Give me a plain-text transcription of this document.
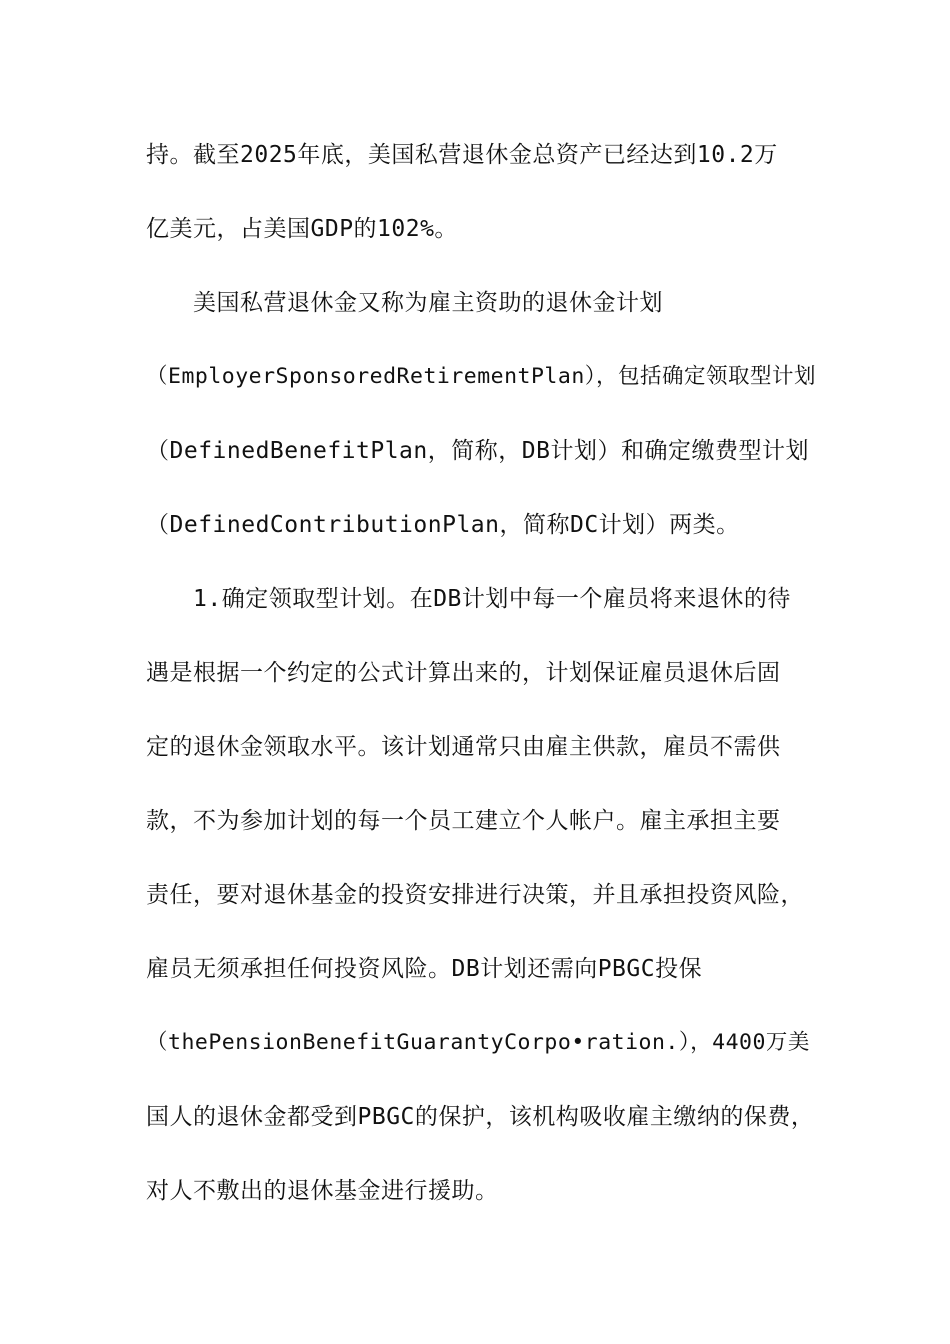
持。截至2025年底，美国私营退休金总资产已经达到10.2万
亿美元，占美国GDP的102%。
美国私营退休金又称为雇主资助的退休金计划
（EmployerSponsoredRetirementPlan），包括确定领取型计划
（DefinedBenefitPlan，简称，DB计划）和确定缴费型计划
（DefinedContributionPlan，简称DC计划）两类。
1.确定领取型计划。在DB计划中每一个雇员将来退休的待
遇是根据一个约定的公式计算出来的，计划保证雇员退休后固
定的退休金领取水平。该计划通常只由雇主供款，雇员不需供
款，不为参加计划的每一个员工建立个人帐户。雇主承担主要
责任，要对退休基金的投资安排进行决策，并且承担投资风险，
雇员无须承担任何投资风险。DB计划还需向PBGC投保
（thePensionBenefitGuarantyCorpo•ration.），4400万美
国人的退休金都受到PBGC的保护，该机构吸收雇主缴纳的保费，
对人不敷出的退休基金进行援助。
